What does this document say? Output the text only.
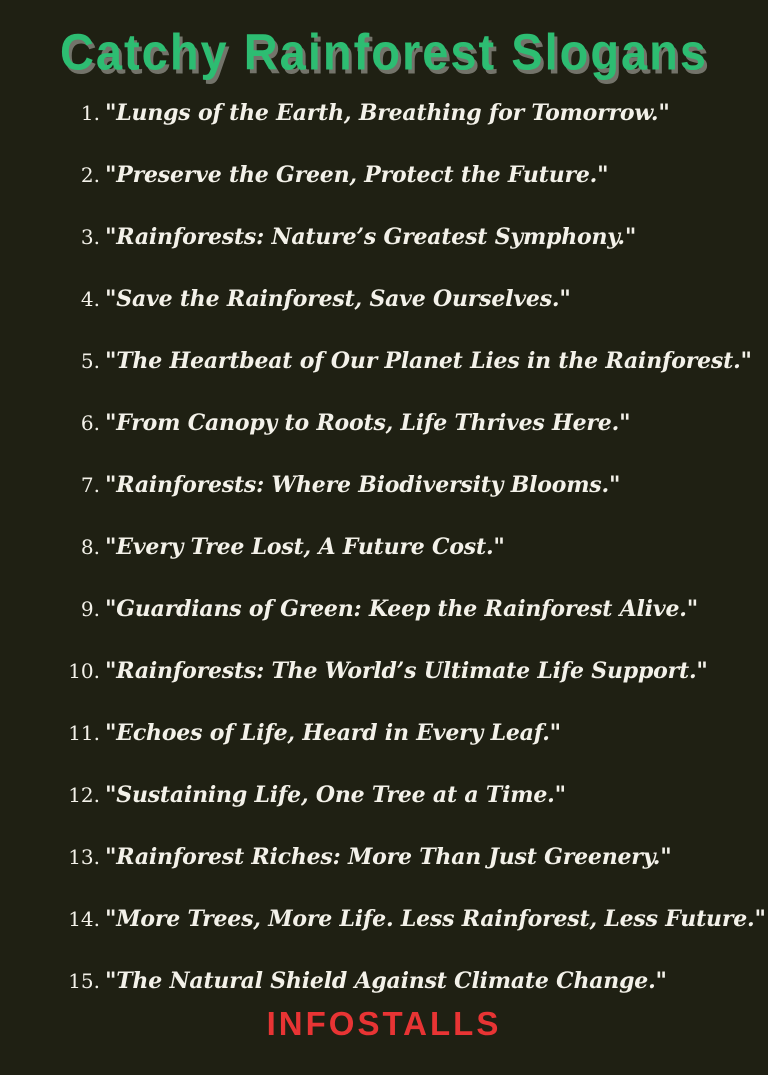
Catchy Rainforest Slogans
1. "Lungs of the Earth, Breathing for Tomorrow."
2. "Preserve the Green, Protect the Future."
3. "Rainforests: Nature’s Greatest Symphony."
4. "Save the Rainforest, Save Ourselves."
5. "The Heartbeat of Our Planet Lies in the Rainforest."
6. "From Canopy to Roots, Life Thrives Here."
7. "Rainforests: Where Biodiversity Blooms."
8. "Every Tree Lost, A Future Cost."
9. "Guardians of Green: Keep the Rainforest Alive."
10. "Rainforests: The World’s Ultimate Life Support."
11. "Echoes of Life, Heard in Every Leaf."
12. "Sustaining Life, One Tree at a Time."
13. "Rainforest Riches: More Than Just Greenery."
14. "More Trees, More Life. Less Rainforest, Less Future."
15. "The Natural Shield Against Climate Change."
INFOSTALLS
